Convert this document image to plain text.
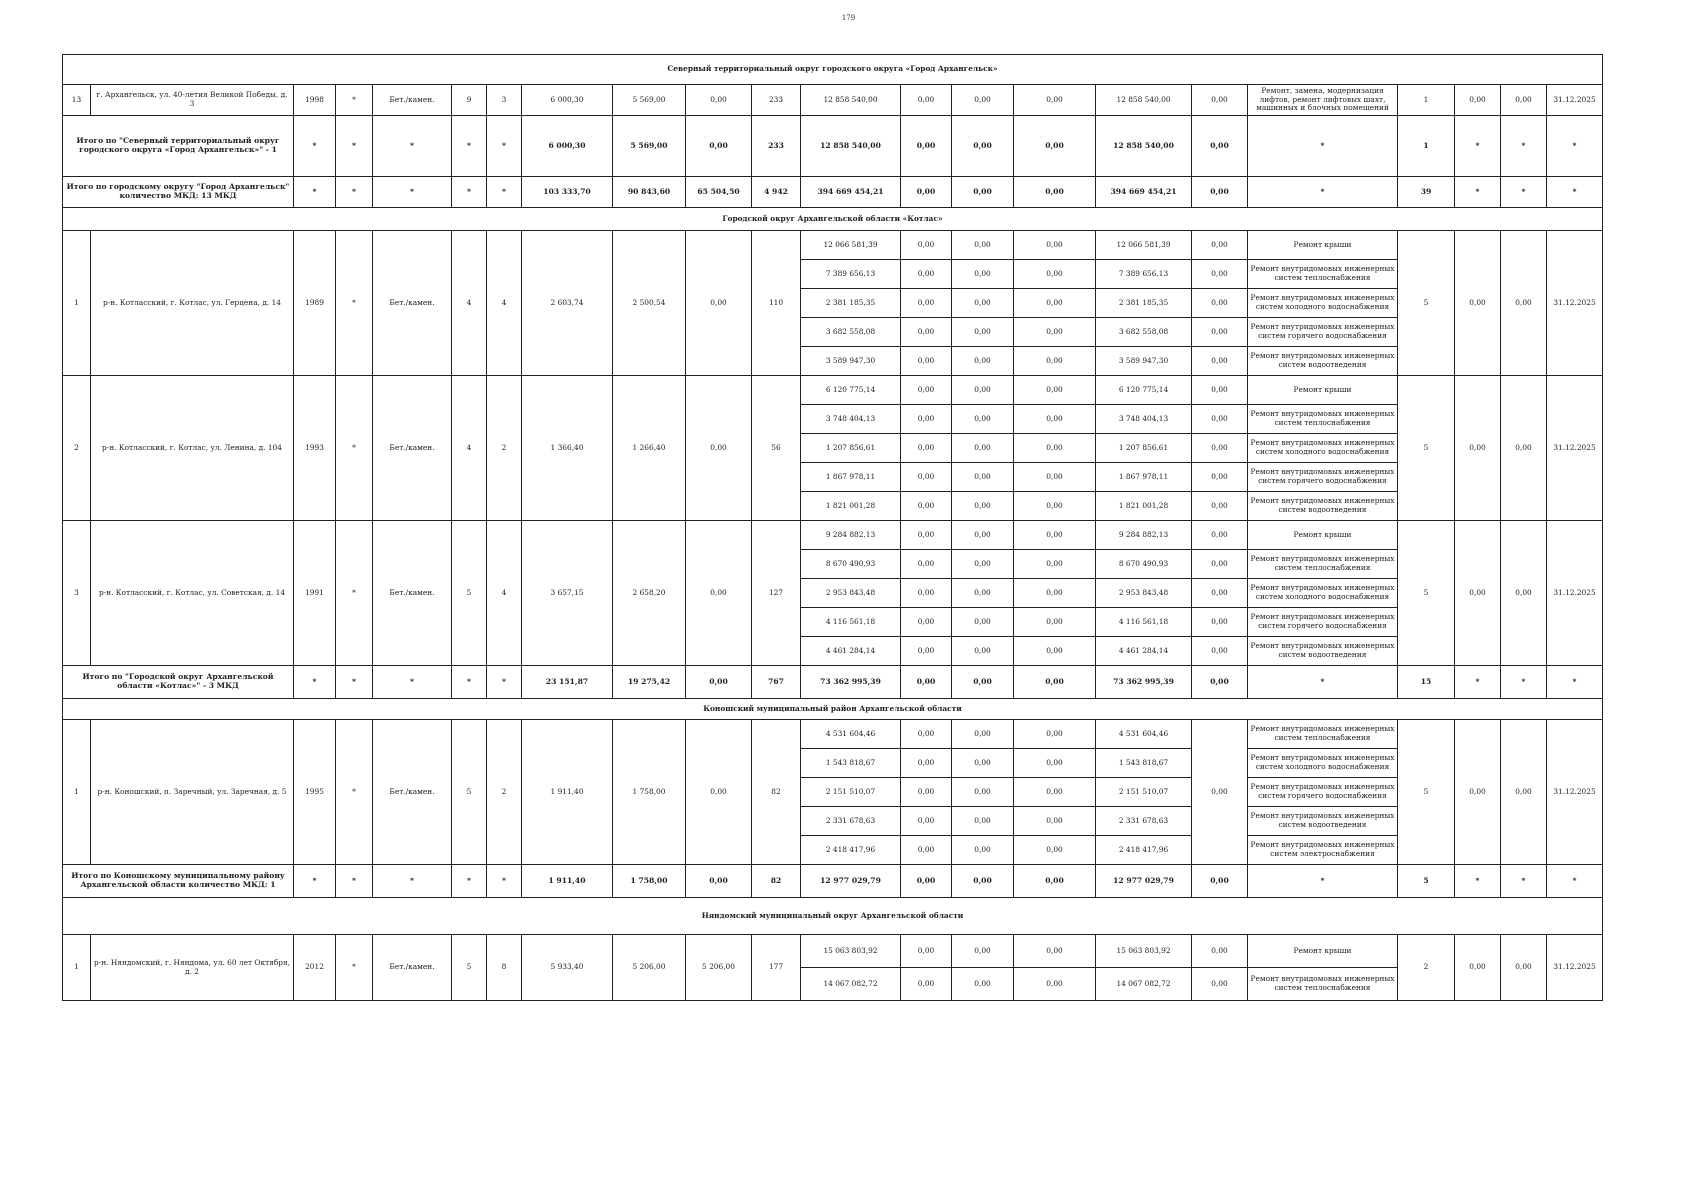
179
Северный территориальный округ городского округа «Город Архангельск»																					
13	г. Архангельск, ул. 40-летия Великой Победы, д. 3	1998	*	Бет./камен.	9	3	6 000,30	5 569,00	0,00	233	12 858 540,00	0,00	0,00	0,00	12 858 540,00	0,00	Ремонт, замена, модернизация лифтов, ремонт лифтовых шахт, машинных и блочных помещений	1	0,00	0,00	31.12.2025
Итого по "Северный территориальный округ городского округа «Город Архангельск»" - 1		*	*	*	*	*	6 000,30	5 569,00	0,00	233	12 858 540,00	0,00	0,00	0,00	12 858 540,00	0,00	*	1	*	*	*
Итого по городскому округу "Город Архангельск" количество МКД: 13 МКД		*	*	*	*	*	103 333,70	90 843,60	65 504,50	4 942	394 669 454,21	0,00	0,00	0,00	394 669 454,21	0,00	*	39	*	*	*
Городской округ Архангельской области «Котлас»																					
1	р-н. Котласский, г. Котлас, ул. Герцена, д. 14	1989	*	Бет./камен.	4	4	2 603,74	2 500,54	0,00	110	12 066 581,39	0,00	0,00	0,00	12 066 581,39	0,00	Ремонт крыши	5	0,00	0,00	31.12.2025
											7 389 656,13	0,00	0,00	0,00	7 389 656,13	0,00	Ремонт внутридомовых инженерных систем теплоснабжения				
											2 381 185,35	0,00	0,00	0,00	2 381 185,35	0,00	Ремонт внутридомовых инженерных систем холодного водоснабжения				
											3 682 558,08	0,00	0,00	0,00	3 682 558,08	0,00	Ремонт внутридомовых инженерных систем горячего водоснабжения				
											3 589 947,30	0,00	0,00	0,00	3 589 947,30	0,00	Ремонт внутридомовых инженерных систем водоотведения				
2	р-н. Котласский, г. Котлас, ул. Ленина, д. 104	1993	*	Бет./камен.	4	2	1 366,40	1 266,40	0,00	56	6 120 775,14	0,00	0,00	0,00	6 120 775,14	0,00	Ремонт крыши	5	0,00	0,00	31.12.2025
											3 748 404,13	0,00	0,00	0,00	3 748 404,13	0,00	Ремонт внутридомовых инженерных систем теплоснабжения				
											1 207 856,61	0,00	0,00	0,00	1 207 856,61	0,00	Ремонт внутридомовых инженерных систем холодного водоснабжения				
											1 867 978,11	0,00	0,00	0,00	1 867 978,11	0,00	Ремонт внутридомовых инженерных систем горячего водоснабжения				
											1 821 001,28	0,00	0,00	0,00	1 821 001,28	0,00	Ремонт внутридомовых инженерных систем водоотведения				
3	р-н. Котласский, г. Котлас, ул. Советская, д. 14	1991	*	Бет./камен.	5	4	3 657,15	2 658,20	0,00	127	9 284 882,13	0,00	0,00	0,00	9 284 882,13	0,00	Ремонт крыши	5	0,00	0,00	31.12.2025
											8 670 490,93	0,00	0,00	0,00	8 670 490,93	0,00	Ремонт внутридомовых инженерных систем теплоснабжения				
											2 953 843,48	0,00	0,00	0,00	2 953 843,48	0,00	Ремонт внутридомовых инженерных систем холодного водоснабжения				
											4 116 561,18	0,00	0,00	0,00	4 116 561,18	0,00	Ремонт внутридомовых инженерных систем горячего водоснабжения				
											4 461 284,14	0,00	0,00	0,00	4 461 284,14	0,00	Ремонт внутридомовых инженерных систем водоотведения				
Итого по "Городской округ Архангельской области «Котлас»" - 3 МКД		*	*	*	*	*	23 151,87	19 275,42	0,00	767	73 362 995,39	0,00	0,00	0,00	73 362 995,39	0,00	*	15	*	*	*
Коношский муниципальный район Архангельской области																					
1	р-н. Коношский, п. Заречный, ул. Заречная, д. 5	1995	*	Бет./камен.	5	2	1 911,40	1 758,00	0,00	82	4 531 604,46	0,00	0,00	0,00	4 531 604,46	0,00	Ремонт внутридомовых инженерных систем теплоснабжения	5	0,00	0,00	31.12.2025
											1 543 818,67	0,00	0,00	0,00	1 543 818,67		Ремонт внутридомовых инженерных систем холодного водоснабжения				
											2 151 510,07	0,00	0,00	0,00	2 151 510,07		Ремонт внутридомовых инженерных систем горячего водоснабжения				
											2 331 678,63	0,00	0,00	0,00	2 331 678,63		Ремонт внутридомовых инженерных систем водоотведения				
											2 418 417,96	0,00	0,00	0,00	2 418 417,96		Ремонт внутридомовых инженерных систем электроснабжения				
Итого по Коношскому муниципальному району Архангельской области количество МКД: 1		*	*	*	*	*	1 911,40	1 758,00	0,00	82	12 977 029,79	0,00	0,00	0,00	12 977 029,79	0,00	*	5	*	*	*
Няндомский муниципальный округ Архангельской области																					
1	р-н. Няндомский, г. Няндома, ул. 60 лет Октября, д. 2	2012	*	Бет./камен.	5	8	5 933,40	5 206,00	5 206,00	177	15 063 803,92	0,00	0,00	0,00	15 063 803,92	0,00	Ремонт крыши	2	0,00	0,00	31.12.2025
											14 067 082,72	0,00	0,00	0,00	14 067 082,72	0,00	Ремонт внутридомовых инженерных систем теплоснабжения				
